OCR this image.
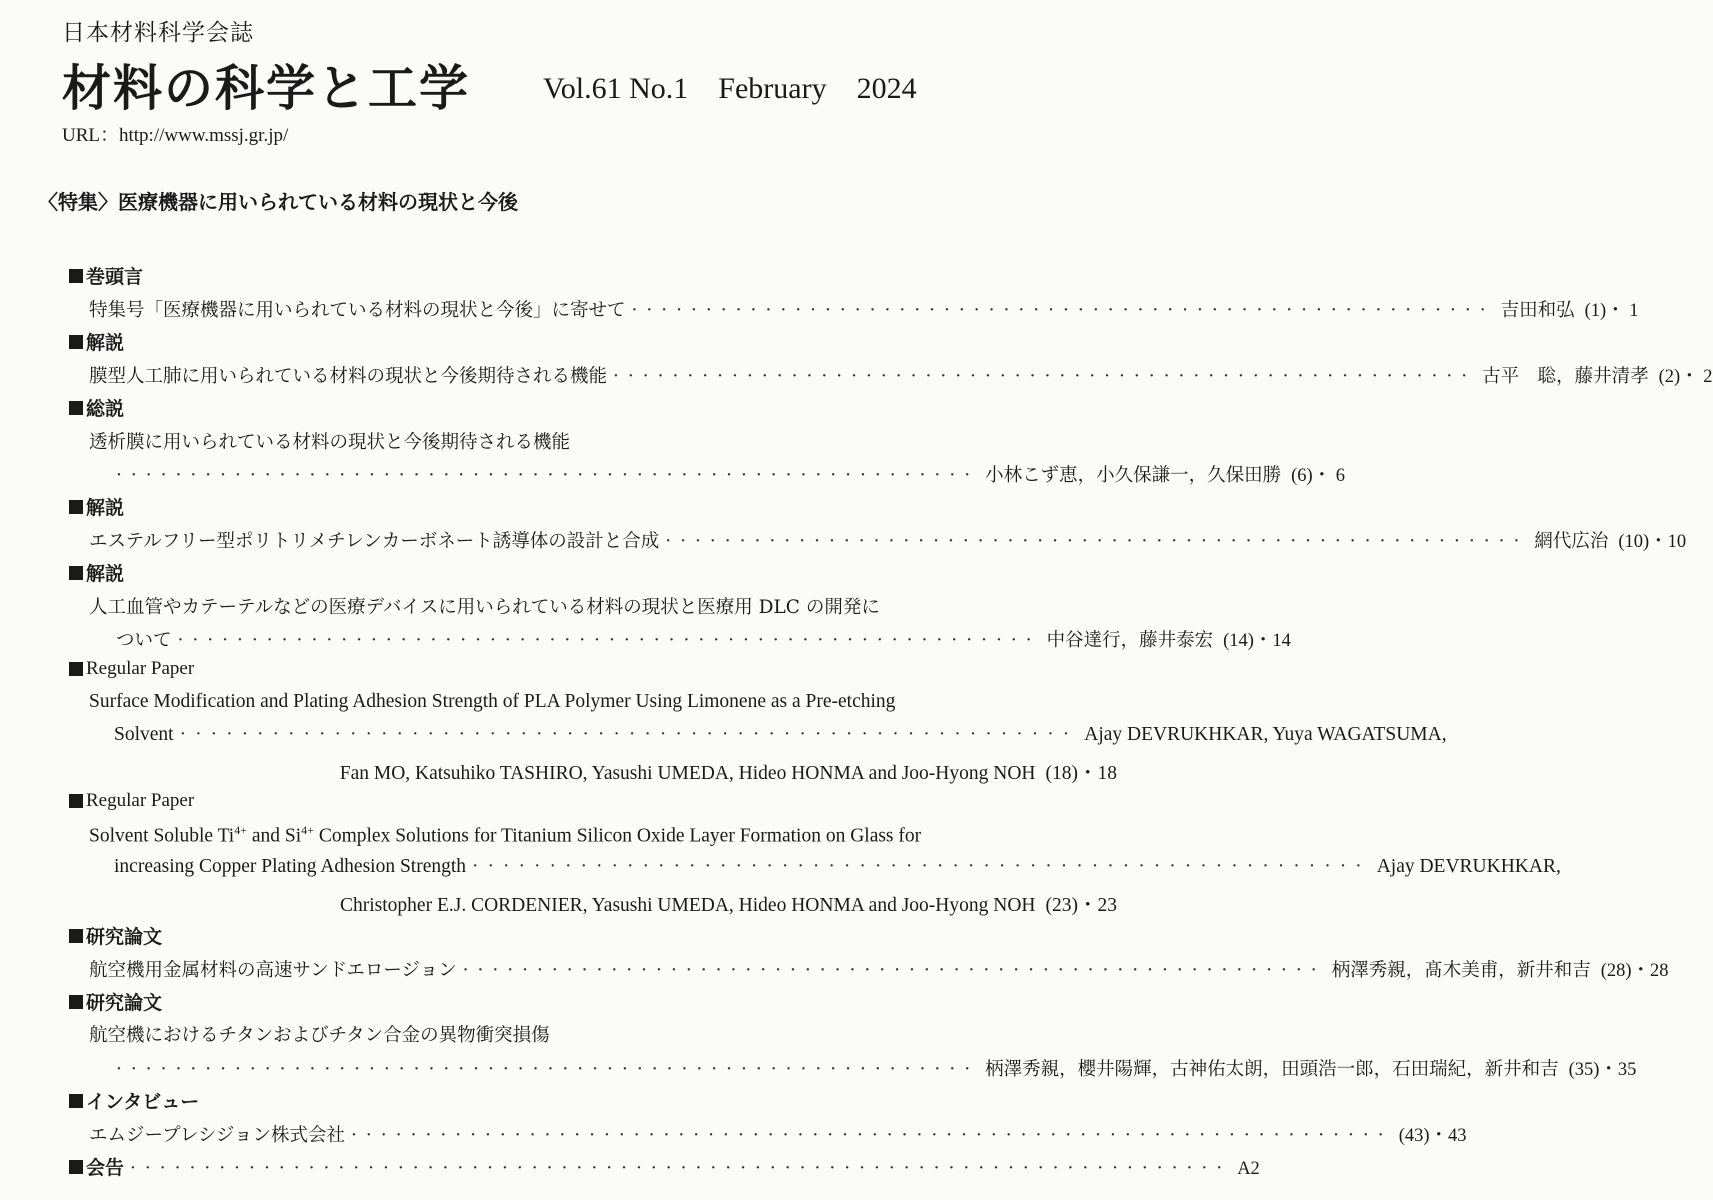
日本材料科学会誌
材料の科学と工学 Vol.61 No.1    February    2024
URL：http://www.mssj.gr.jp/
〈特集〉医療機器に用いられている材料の現状と今後
巻頭言
特集号「医療機器に用いられている材料の現状と今後」に寄せて ·························································· 吉田和弘 (1)・ 1
解説
膜型人工肺に用いられている材料の現状と今後期待される機能 ·························································· 古平　聡，藤井清孝 (2)・ 2
総説
透析膜に用いられている材料の現状と今後期待される機能
·························································· 小林こず恵，小久保謙一，久保田勝 (6)・ 6
解説
エステルフリー型ポリトリメチレンカーボネート誘導体の設計と合成 ·························································· 網代広治 (10)・10
解説
人工血管やカテーテルなどの医療デバイスに用いられている材料の現状と医療用 DLC の開発に
ついて ·························································· 中谷達行，藤井泰宏 (14)・14
Regular Paper
Surface Modification and Plating Adhesion Strength of PLA Polymer Using Limonene as a Pre-etching
Solvent ·························································· Ajay DEVRUKHKAR, Yuya WAGATSUMA,
Fan MO, Katsuhiko TASHIRO, Yasushi UMEDA, Hideo HONMA and Joo-Hyong NOH (18)・18
Regular Paper
Solvent Soluble $Ti^{4+}$ and $Si^{4+}$ Complex Solutions for Titanium Silicon Oxide Layer Formation on Glass for
increasing Copper Plating Adhesion Strength ·························································· Ajay DEVRUKHKAR,
Christopher E.J. CORDENIER, Yasushi UMEDA, Hideo HONMA and Joo-Hyong NOH (23)・23
研究論文
航空機用金属材料の高速サンドエロージョン ·························································· 柄澤秀親，髙木美甫，新井和吉 (28)・28
研究論文
航空機におけるチタンおよびチタン合金の異物衝突損傷
·························································· 柄澤秀親，櫻井陽輝，古神佑太朗，田頭浩一郎，石田瑞紀，新井和吉 (35)・35
インタビュー
エムジープレシジョン株式会社 ······································································ (43)・43
会告 ·········································································· A2
